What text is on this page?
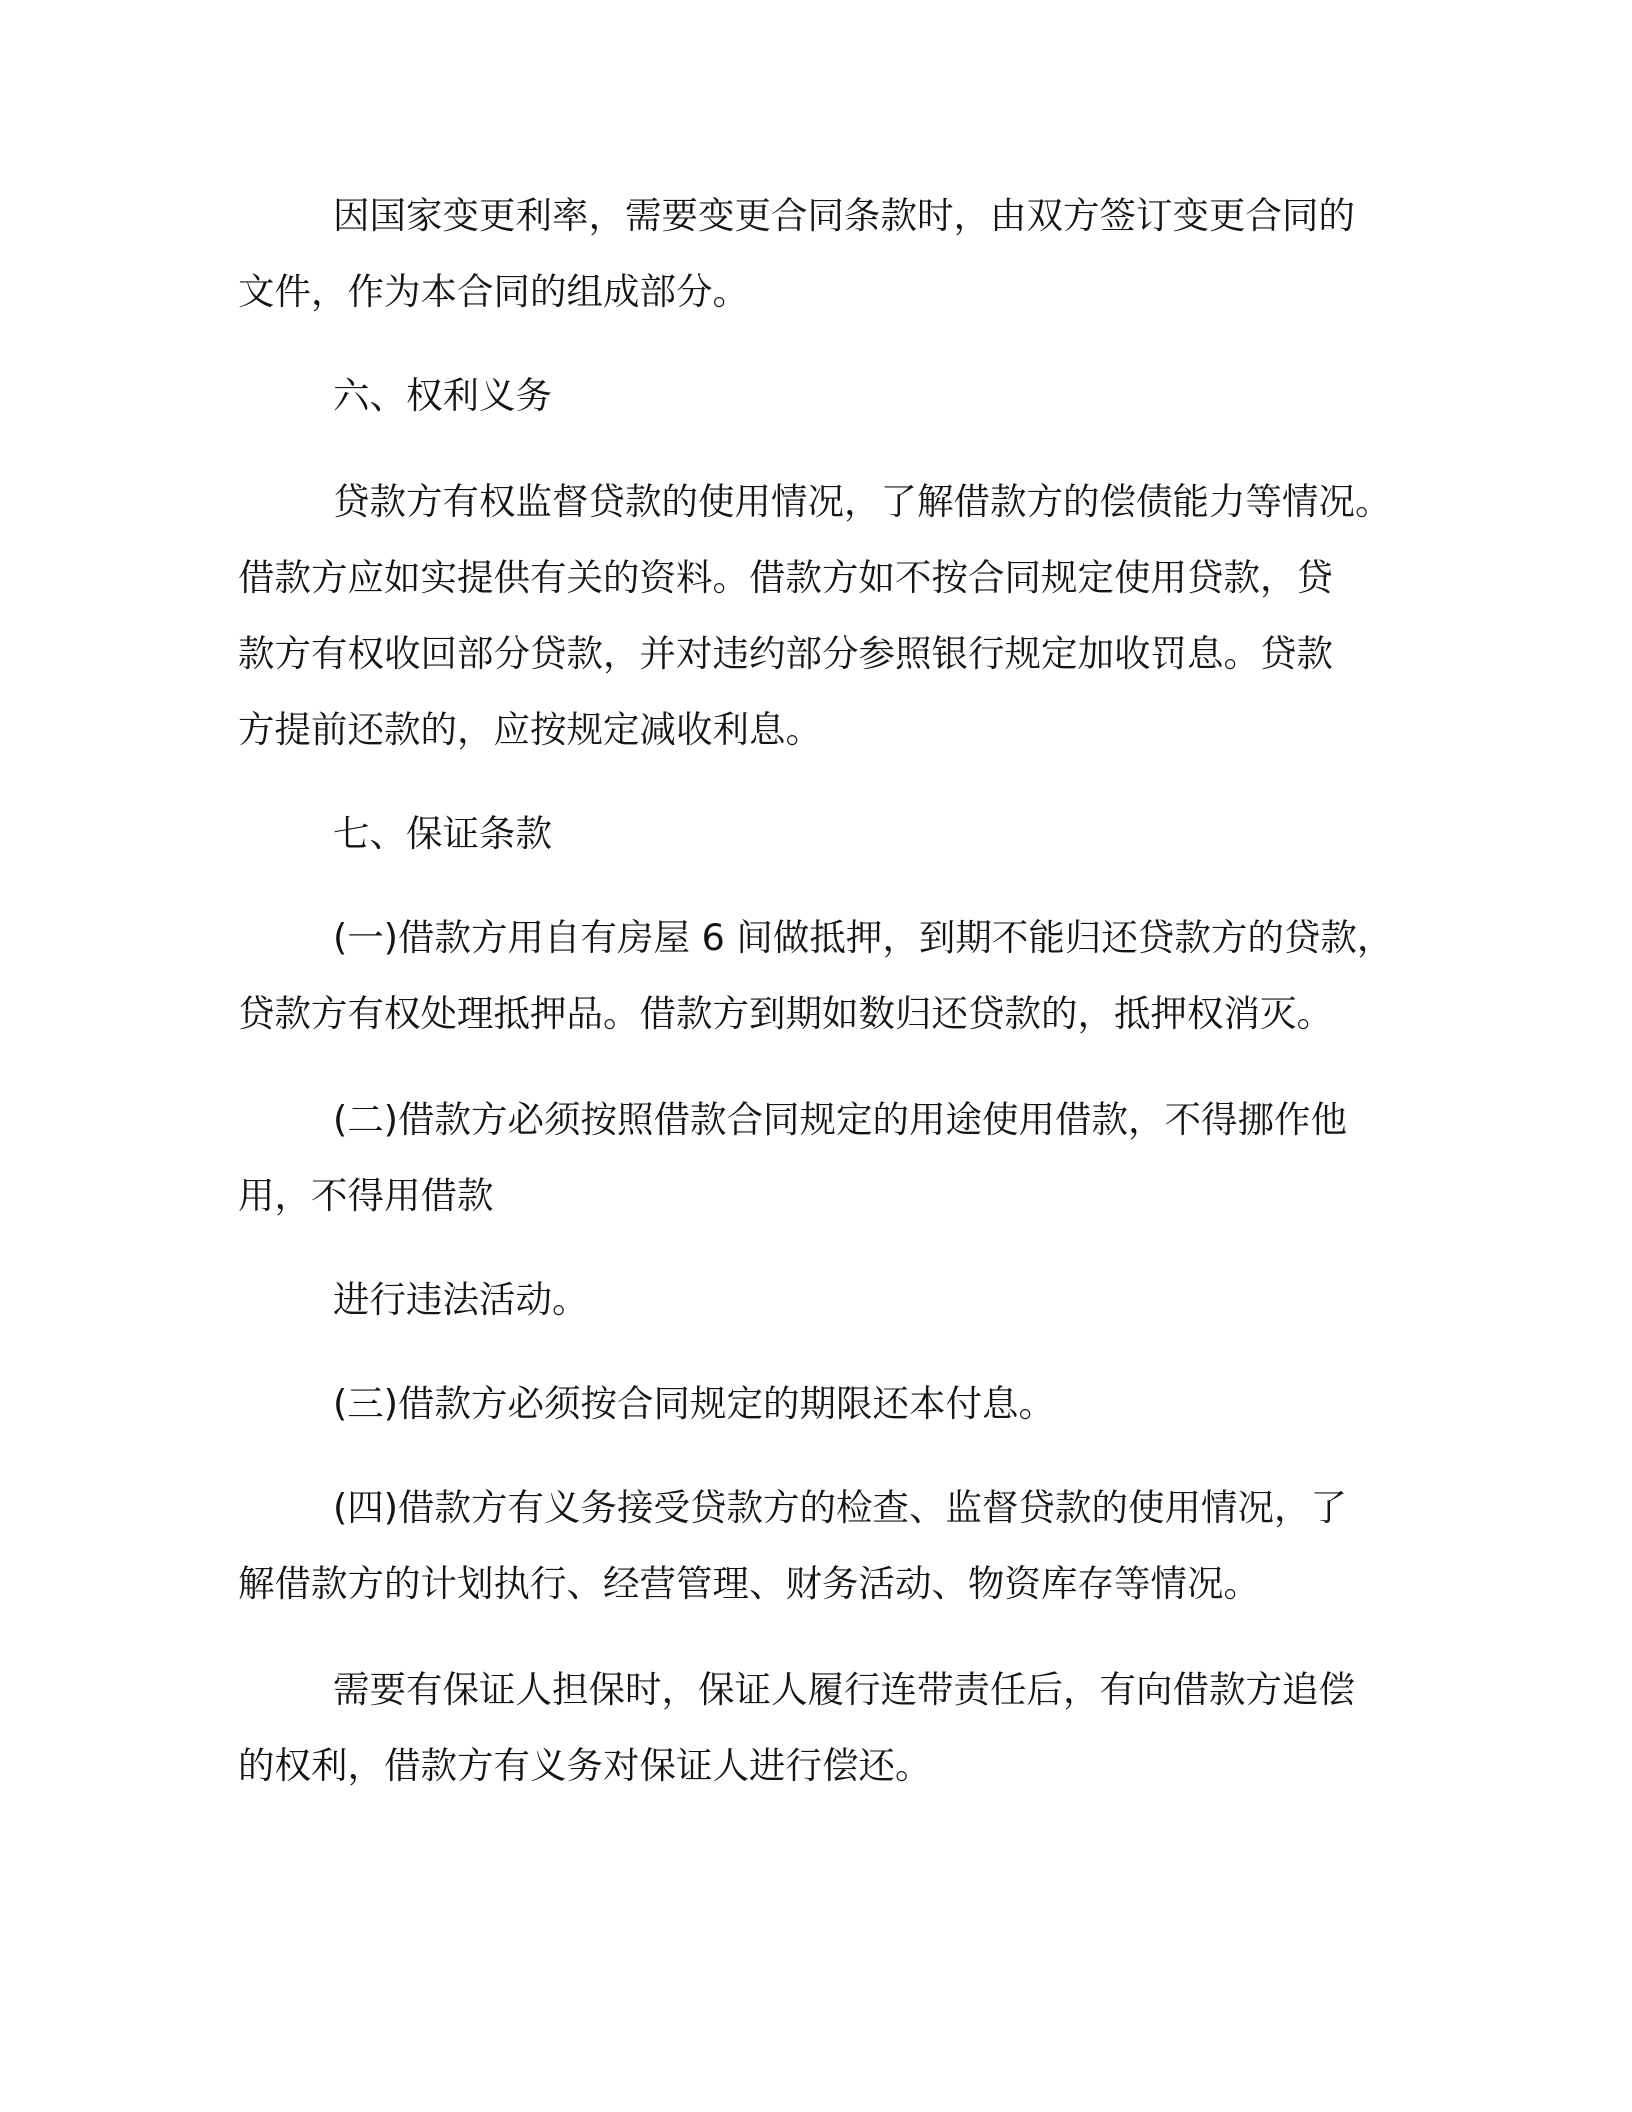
因国家变更利率，需要变更合同条款时，由双方签订变更合同的
文件，作为本合同的组成部分。
六、权利义务
贷款方有权监督贷款的使用情况，了解借款方的偿债能力等情况。
借款方应如实提供有关的资料。借款方如不按合同规定使用贷款，贷
款方有权收回部分贷款，并对违约部分参照银行规定加收罚息。贷款
方提前还款的，应按规定减收利息。
七、保证条款
(一)借款方用自有房屋 6 间做抵押，到期不能归还贷款方的贷款，
贷款方有权处理抵押品。借款方到期如数归还贷款的，抵押权消灭。
(二)借款方必须按照借款合同规定的用途使用借款，不得挪作他
用，不得用借款
进行违法活动。
(三)借款方必须按合同规定的期限还本付息。
(四)借款方有义务接受贷款方的检查、监督贷款的使用情况，了
解借款方的计划执行、经营管理、财务活动、物资库存等情况。
需要有保证人担保时，保证人履行连带责任后，有向借款方追偿
的权利，借款方有义务对保证人进行偿还。
